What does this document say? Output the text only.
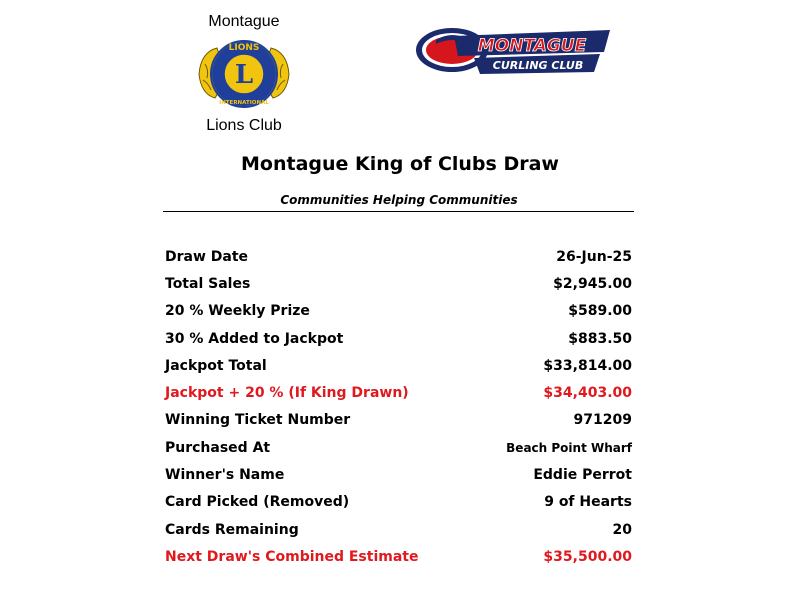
Montague
LIONS
INTERNATIONAL
L
Lions Club
MONTAGUE
CURLING CLUB
Montague King of Clubs Draw
Communities Helping Communities
Draw Date	26-Jun-25
Total Sales	$2,945.00
20 % Weekly Prize	$589.00
30 % Added to Jackpot	$883.50
Jackpot Total	$33,814.00
Jackpot + 20 % (If King Drawn)	$34,403.00
Winning Ticket Number	971209
Purchased At	Beach Point Wharf
Winner's Name	Eddie Perrot
Card Picked (Removed)	9 of Hearts
Cards Remaining	20
Next Draw's Combined Estimate	$35,500.00
